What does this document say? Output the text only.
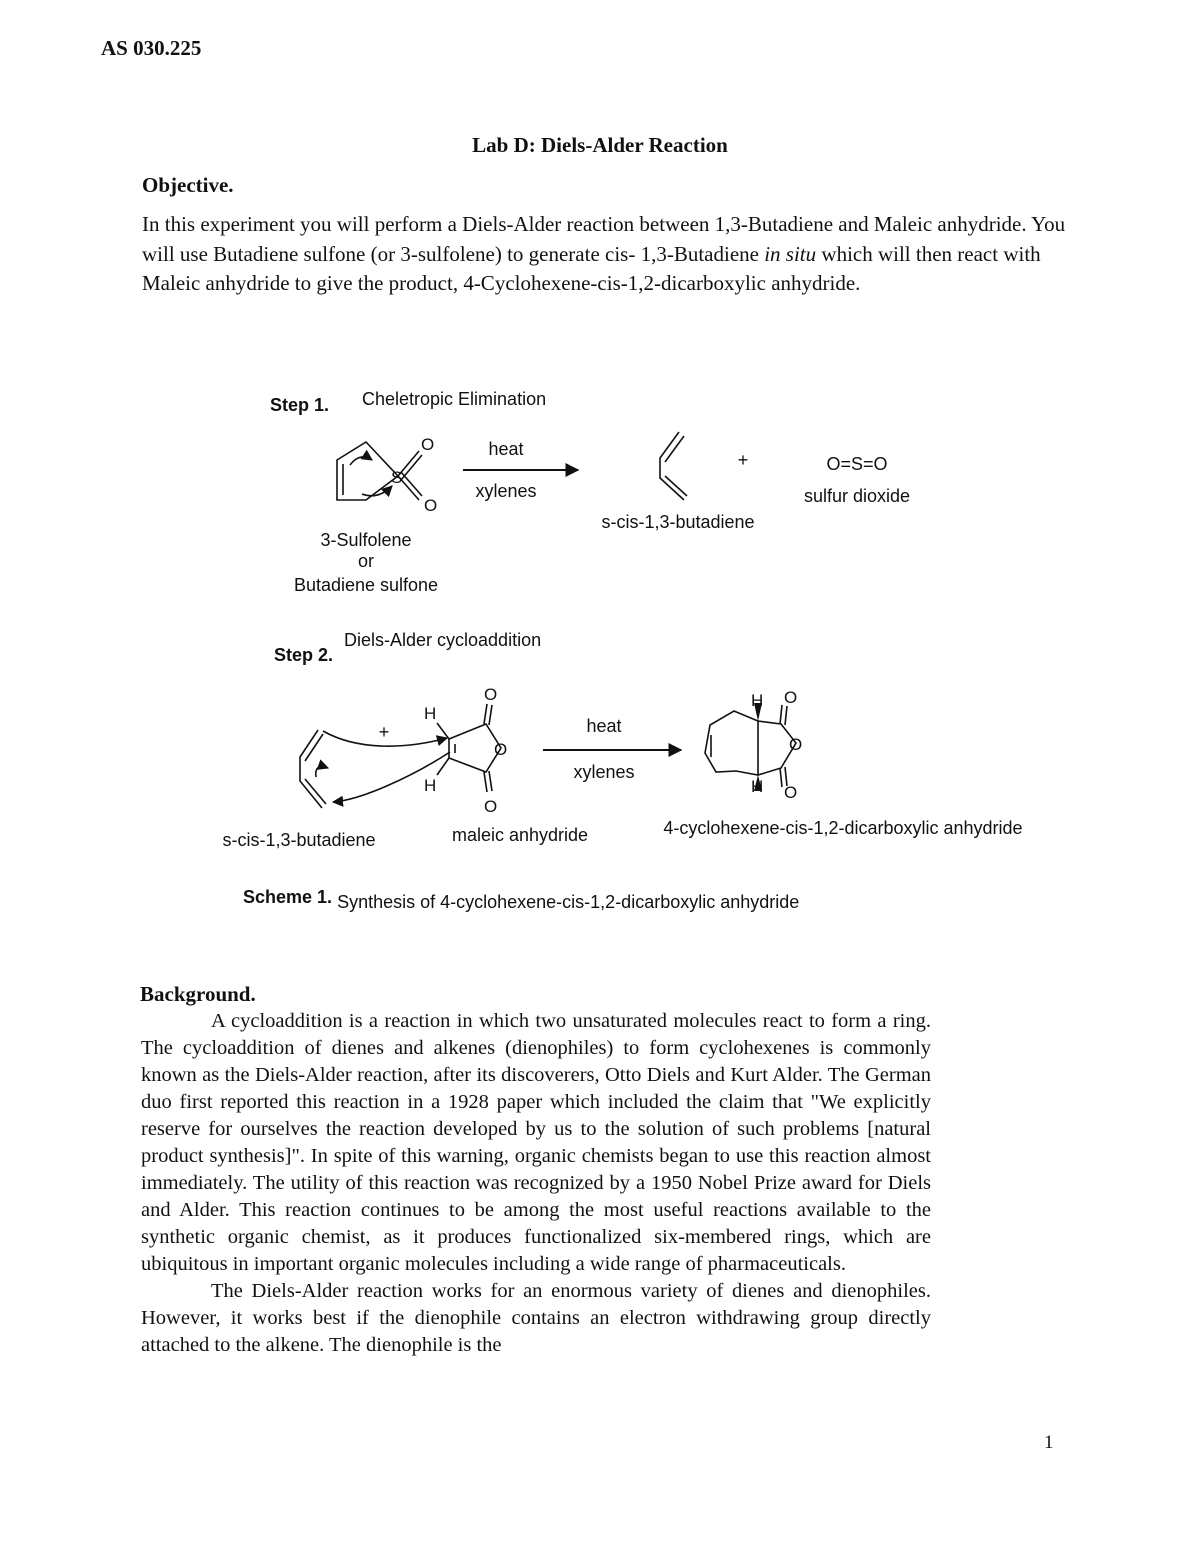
AS 030.225
Lab D: Diels-Alder Reaction
Objective.
In this experiment you will perform a Diels-Alder reaction between 1,3-Butadiene and Maleic anhydride. You will use Butadiene sulfone (or 3-sulfolene) to generate cis- 1,3-Butadiene in situ which will then react with Maleic anhydride to give the product, 4-Cyclohexene-cis-1,2-dicarboxylic anhydride.
Step 1. Cheletropic Elimination
S
O
O
3-Sulfolene
or
Butadiene sulfone
heat
xylenes
s-cis-1,3-butadiene
+	O=S=O
sulfur dioxide
Diels-Alder cycloaddition
Step 2.
+
O
O
O
H
H
s-cis-1,3-butadiene	maleic anhydride
heat
xylenes
H
H
O
O
O
4-cyclohexene-cis-1,2-dicarboxylic anhydride
Scheme 1. Synthesis of 4-cyclohexene-cis-1,2-dicarboxylic anhydride
Background.

A cycloaddition is a reaction in which two unsaturated molecules react to form a ring. The cycloaddition of dienes and alkenes (dienophiles) to form cyclohexenes is commonly known as the Diels-Alder reaction, after its discoverers, Otto Diels and Kurt Alder. The German duo first reported this reaction in a 1928 paper which included the claim that "We explicitly reserve for ourselves the reaction developed by us to the solution of such problems [natural product synthesis]". In spite of this warning, organic chemists began to use this reaction almost immediately. The utility of this reaction was recognized by a 1950 Nobel Prize award for Diels and Alder. This reaction continues to be among the most useful reactions available to the synthetic organic chemist, as it produces functionalized six-membered rings, which are ubiquitous in important organic molecules including a wide range of pharmaceuticals.

The Diels-Alder reaction works for an enormous variety of dienes and dienophiles. However, it works best if the dienophile contains an electron withdrawing group directly attached to the alkene. The dienophile is the

1
